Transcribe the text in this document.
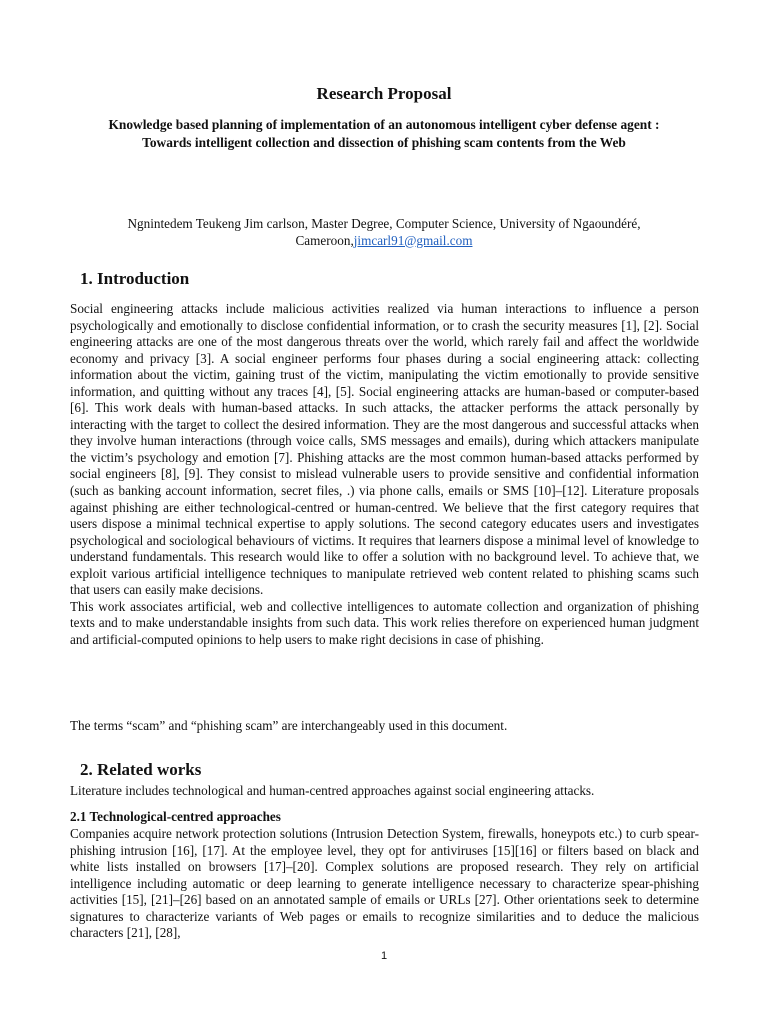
Research Proposal
Knowledge based planning of implementation of an autonomous intelligent cyber defense agent : Towards intelligent collection and dissection of phishing scam contents from the Web
Ngnintedem Teukeng Jim carlson, Master Degree, Computer Science, University of Ngaoundéré,
Cameroon,jimcarl91@gmail.com
1. Introduction

Social engineering attacks include malicious activities realized via human interactions to influence a person psychologically and emotionally to disclose confidential information, or to crash the security measures [1], [2]. Social engineering attacks are one of the most dangerous threats over the world, which rarely fail and affect the worldwide economy and privacy [3]. A social engineer performs four phases during a social engineering attack: collecting information about the victim, gaining trust of the victim, manipulating the victim emotionally to provide sensitive information, and quitting without any traces [4], [5]. Social engineering attacks are human-based or computer-based [6]. This work deals with human-based attacks. In such attacks, the attacker performs the attack personally by interacting with the target to collect the desired information. They are the most dangerous and successful attacks when they involve human interactions (through voice calls, SMS messages and emails), during which attackers manipulate the victim’s psychology and emotion [7]. Phishing attacks are the most common human-based attacks performed by social engineers [8], [9]. They consist to mislead vulnerable users to provide sensitive and confidential information (such as banking account information, secret files, .) via phone calls, emails or SMS [10]–[12]. Literature proposals against phishing are either technological-centred or human-centred. We believe that the first category requires that users dispose a minimal technical expertise to apply solutions. The second category educates users and investigates psychological and sociological behaviours of victims. It requires that learners dispose a minimal level of knowledge to understand fundamentals. This research would like to offer a solution with no background level. To achieve that, we exploit various artificial intelligence techniques to manipulate retrieved web content related to phishing scams such that users can easily make decisions.

This work associates artificial, web and collective intelligences to automate collection and organization of phishing texts and to make understandable insights from such data. This work relies therefore on experienced human judgment and artificial-computed opinions to help users to make right decisions in case of phishing.

The terms “scam” and “phishing scam” are interchangeably used in this document.
2. Related works
Literature includes technological and human-centred approaches against social engineering attacks.
2.1 Technological-centred approaches
Companies acquire network protection solutions (Intrusion Detection System, firewalls, honeypots etc.) to curb spear-phishing intrusion [16], [17]. At the employee level, they opt for antiviruses [15][16] or filters based on black and white lists installed on browsers [17]–[20]. Complex solutions are proposed research. They rely on artificial intelligence including automatic or deep learning to generate intelligence necessary to characterize spear-phishing activities [15], [21]–[26] based on an annotated sample of emails or URLs [27]. Other orientations seek to determine signatures to characterize variants of Web pages or emails to recognize similarities and to deduce the malicious characters [21], [28],
1
